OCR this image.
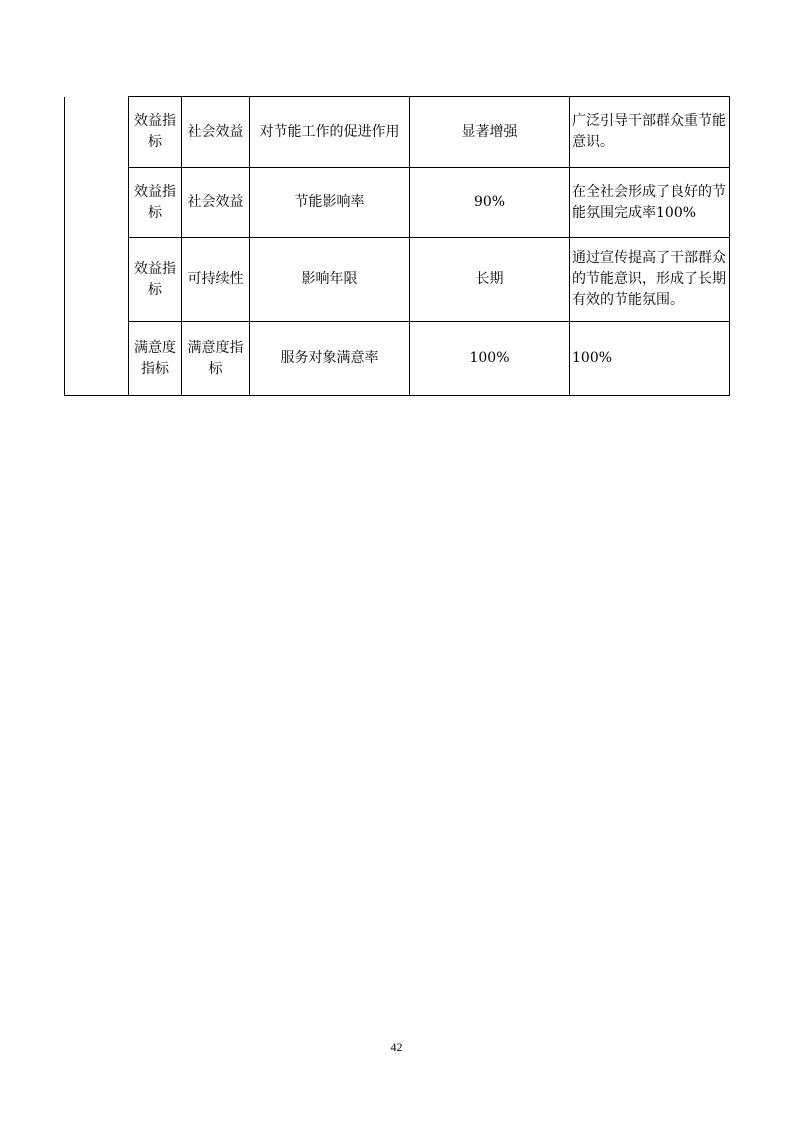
	效益指标	社会效益	对节能工作的促进作用	显著增强	广泛引导干部群众重节能意识。
	效益指标	社会效益	节能影响率	90%	在全社会形成了良好的节能氛围完成率100%
	效益指标	可持续性	影响年限	长期	通过宣传提高了干部群众的节能意识，形成了长期有效的节能氛围。
	满意度指标	满意度指标	服务对象满意率	100%	100%
42
